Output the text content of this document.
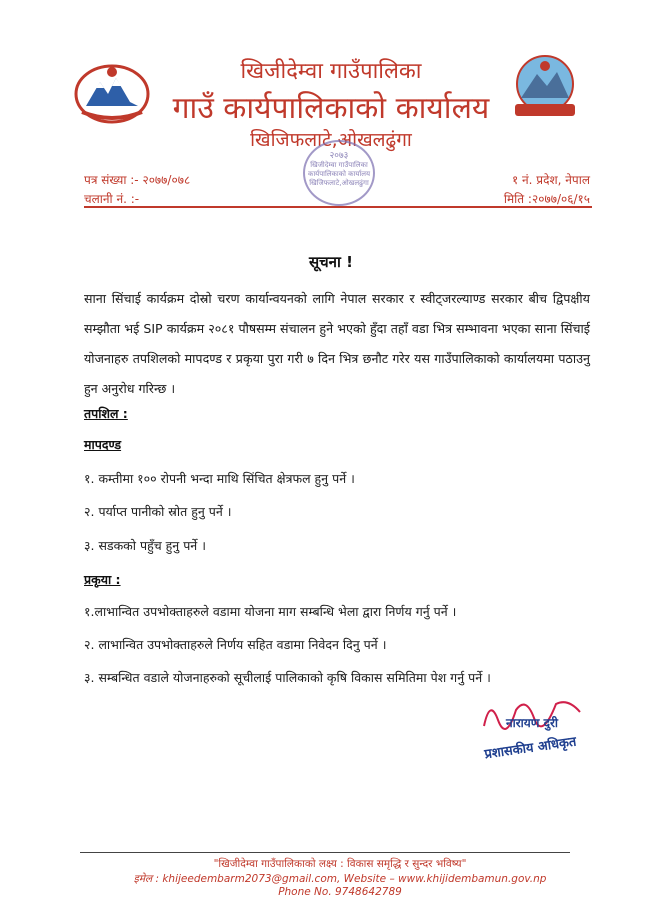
खिजीदेम्वा गाउँपालिका
गाउँ कार्यपालिकाको कार्यालय
खिजिफलाटे,ओखलढुंगा
२०७३
खिजीदेम्वा गाउँपालिका
कार्यपालिकाको कार्यालय
खिजिफलाटे,ओखलढुंगा
पत्र संख्या :- २०७७/०७८
चलानी नं. :-
१ नं. प्रदेश, नेपाल
मिति :२०७७/०६/१५
सूचना !
साना सिंचाई कार्यक्रम दोस्रो चरण कार्यान्वयनको लागि नेपाल सरकार र स्वीट्जरल्याण्ड सरकार बीच द्विपक्षीय सम्झौता भई SIP कार्यक्रम २०८१ पौषसम्म संचालन हुने भएको हुँदा तहाँ वडा भित्र सम्भावना भएका साना सिंचाई योजनाहरु तपशिलको मापदण्ड र प्रकृया पुरा गरी ७ दिन भित्र छनौट गरेर यस गाउँपालिकाको कार्यालयमा पठाउनु हुन अनुरोध गरिन्छ ।
तपशिल :
मापदण्ड
१. कम्तीमा १०० रोपनी भन्दा माथि सिंचित क्षेत्रफल हुनु पर्ने ।
२. पर्याप्त पानीको स्रोत हुनु पर्ने ।
३. सडकको पहुँच हुनु पर्ने ।
प्रकृया :
१.लाभान्वित उपभोक्ताहरुले वडामा योजना माग सम्बन्धि भेला द्वारा निर्णय गर्नु पर्ने ।
२. लाभान्वित उपभोक्ताहरुले निर्णय सहित वडामा निवेदन दिनु पर्ने ।
३. सम्बन्धित वडाले योजनाहरुको सूचीलाई पालिकाको कृषि विकास समितिमा पेश गर्नु पर्ने ।
नारायण दुरी
प्रशासकीय अधिकृत
"खिजीदेम्वा गाउँपालिकाको लक्ष्य : विकास समृद्धि र सुन्दर भविष्य"
इमेल : khijeedembarm2073@gmail.com, Website – www.khijidembamun.gov.np
Phone No. 9748642789
